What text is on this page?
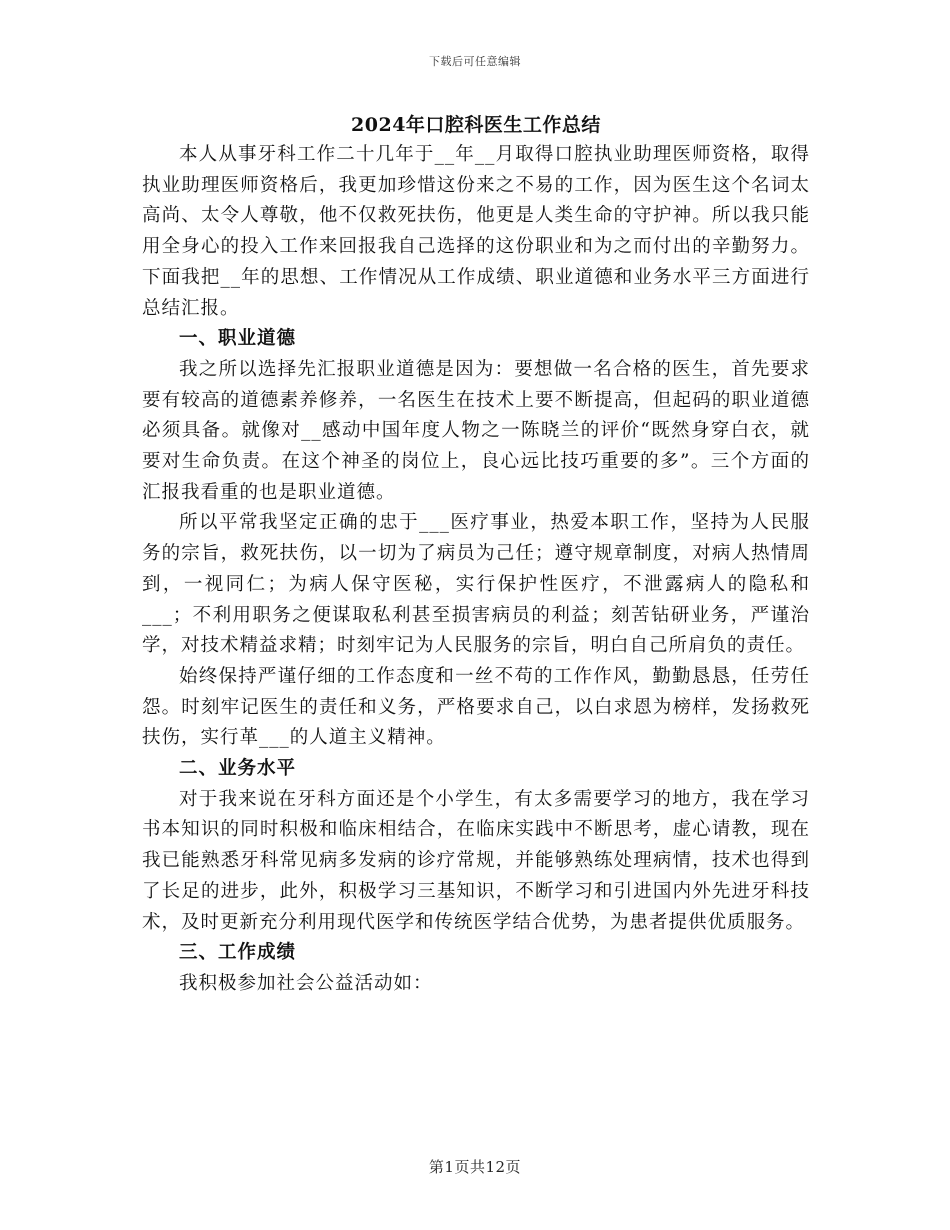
下载后可任意编辑
2024年口腔科医生工作总结

本人从事牙科工作二十几年于__年__月取得口腔执业助理医师资格，取得执业助理医师资格后，我更加珍惜这份来之不易的工作，因为医生这个名词太高尚、太令人尊敬，他不仅救死扶伤，他更是人类生命的守护神。所以我只能用全身心的投入工作来回报我自己选择的这份职业和为之而付出的辛勤努力。下面我把__年的思想、工作情况从工作成绩、职业道德和业务水平三方面进行总结汇报。

一、职业道德

我之所以选择先汇报职业道德是因为：要想做一名合格的医生，首先要求要有较高的道德素养修养，一名医生在技术上要不断提高，但起码的职业道德必须具备。就像对__感动中国年度人物之一陈晓兰的评价“既然身穿白衣，就要对生命负责。在这个神圣的岗位上，良心远比技巧重要的多”。三个方面的汇报我看重的也是职业道德。

所以平常我坚定正确的忠于___医疗事业，热爱本职工作，坚持为人民服务的宗旨，救死扶伤，以一切为了病员为己任；遵守规章制度，对病人热情周到，一视同仁；为病人保守医秘，实行保护性医疗，不泄露病人的隐私和___；不利用职务之便谋取私利甚至损害病员的利益；刻苦钻研业务，严谨治学，对技术精益求精；时刻牢记为人民服务的宗旨，明白自己所肩负的责任。

始终保持严谨仔细的工作态度和一丝不苟的工作作风，勤勤恳恳，任劳任怨。时刻牢记医生的责任和义务，严格要求自己，以白求恩为榜样，发扬救死扶伤，实行革___的人道主义精神。

二、业务水平

对于我来说在牙科方面还是个小学生，有太多需要学习的地方，我在学习书本知识的同时积极和临床相结合，在临床实践中不断思考，虚心请教，现在我已能熟悉牙科常见病多发病的诊疗常规，并能够熟练处理病情，技术也得到了长足的进步，此外，积极学习三基知识，不断学习和引进国内外先进牙科技术，及时更新充分利用现代医学和传统医学结合优势，为患者提供优质服务。

三、工作成绩

我积极参加社会公益活动如：

第1页共12页
